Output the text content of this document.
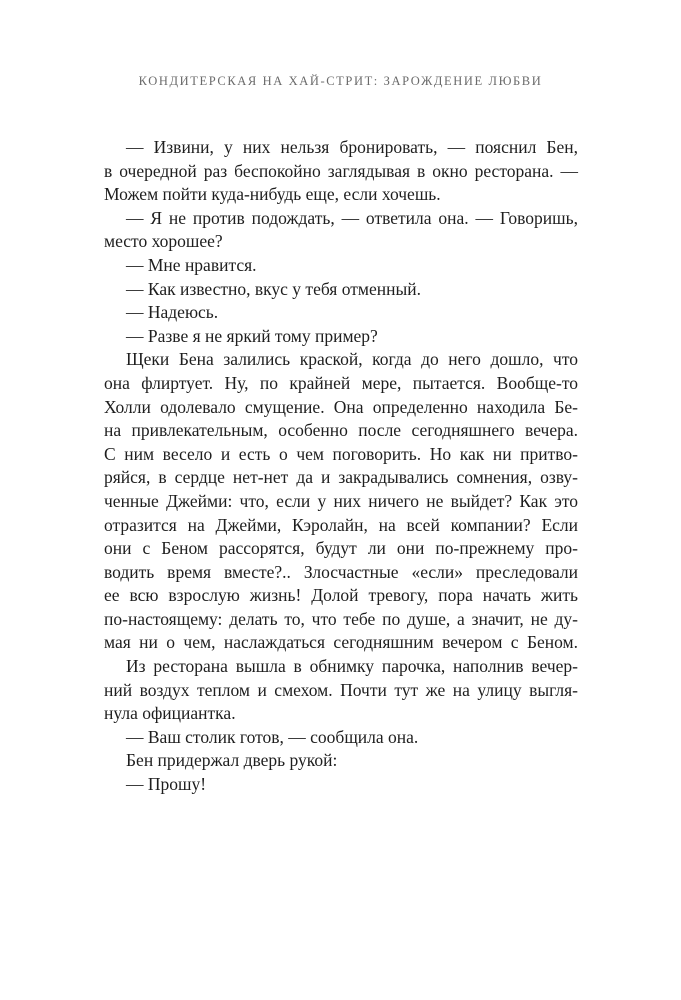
КОНДИТЕРСКАЯ НА ХАЙ-СТРИТ: ЗАРОЖДЕНИЕ ЛЮБВИ
— Извини, у них нельзя бронировать, — пояснил Бен,
в очередной раз беспокойно заглядывая в окно ресторана. —
Можем пойти куда-нибудь еще, если хочешь.
— Я не против подождать, — ответила она. — Говоришь,
место хорошее?
— Мне нравится.
— Как известно, вкус у тебя отменный.
— Надеюсь.
— Разве я не яркий тому пример?
Щеки Бена залились краской, когда до него дошло, что
она флиртует. Ну, по крайней мере, пытается. Вообще-то
Холли одолевало смущение. Она определенно находила Бе-
на привлекательным, особенно после сегодняшнего вечера.
С ним весело и есть о чем поговорить. Но как ни притво-
ряйся, в сердце нет-нет да и закрадывались сомнения, озву-
ченные Джейми: что, если у них ничего не выйдет? Как это
отразится на Джейми, Кэролайн, на всей компании? Если
они с Беном рассорятся, будут ли они по-прежнему про-
водить время вместе?.. Злосчастные «если» преследовали
ее всю взрослую жизнь! Долой тревогу, пора начать жить
по-настоящему: делать то, что тебе по душе, а значит, не ду-
мая ни о чем, наслаждаться сегодняшним вечером с Беном.
Из ресторана вышла в обнимку парочка, наполнив вечер-
ний воздух теплом и смехом. Почти тут же на улицу выгля-
нула официантка.
— Ваш столик готов, — сообщила она.
Бен придержал дверь рукой:
— Прошу!
